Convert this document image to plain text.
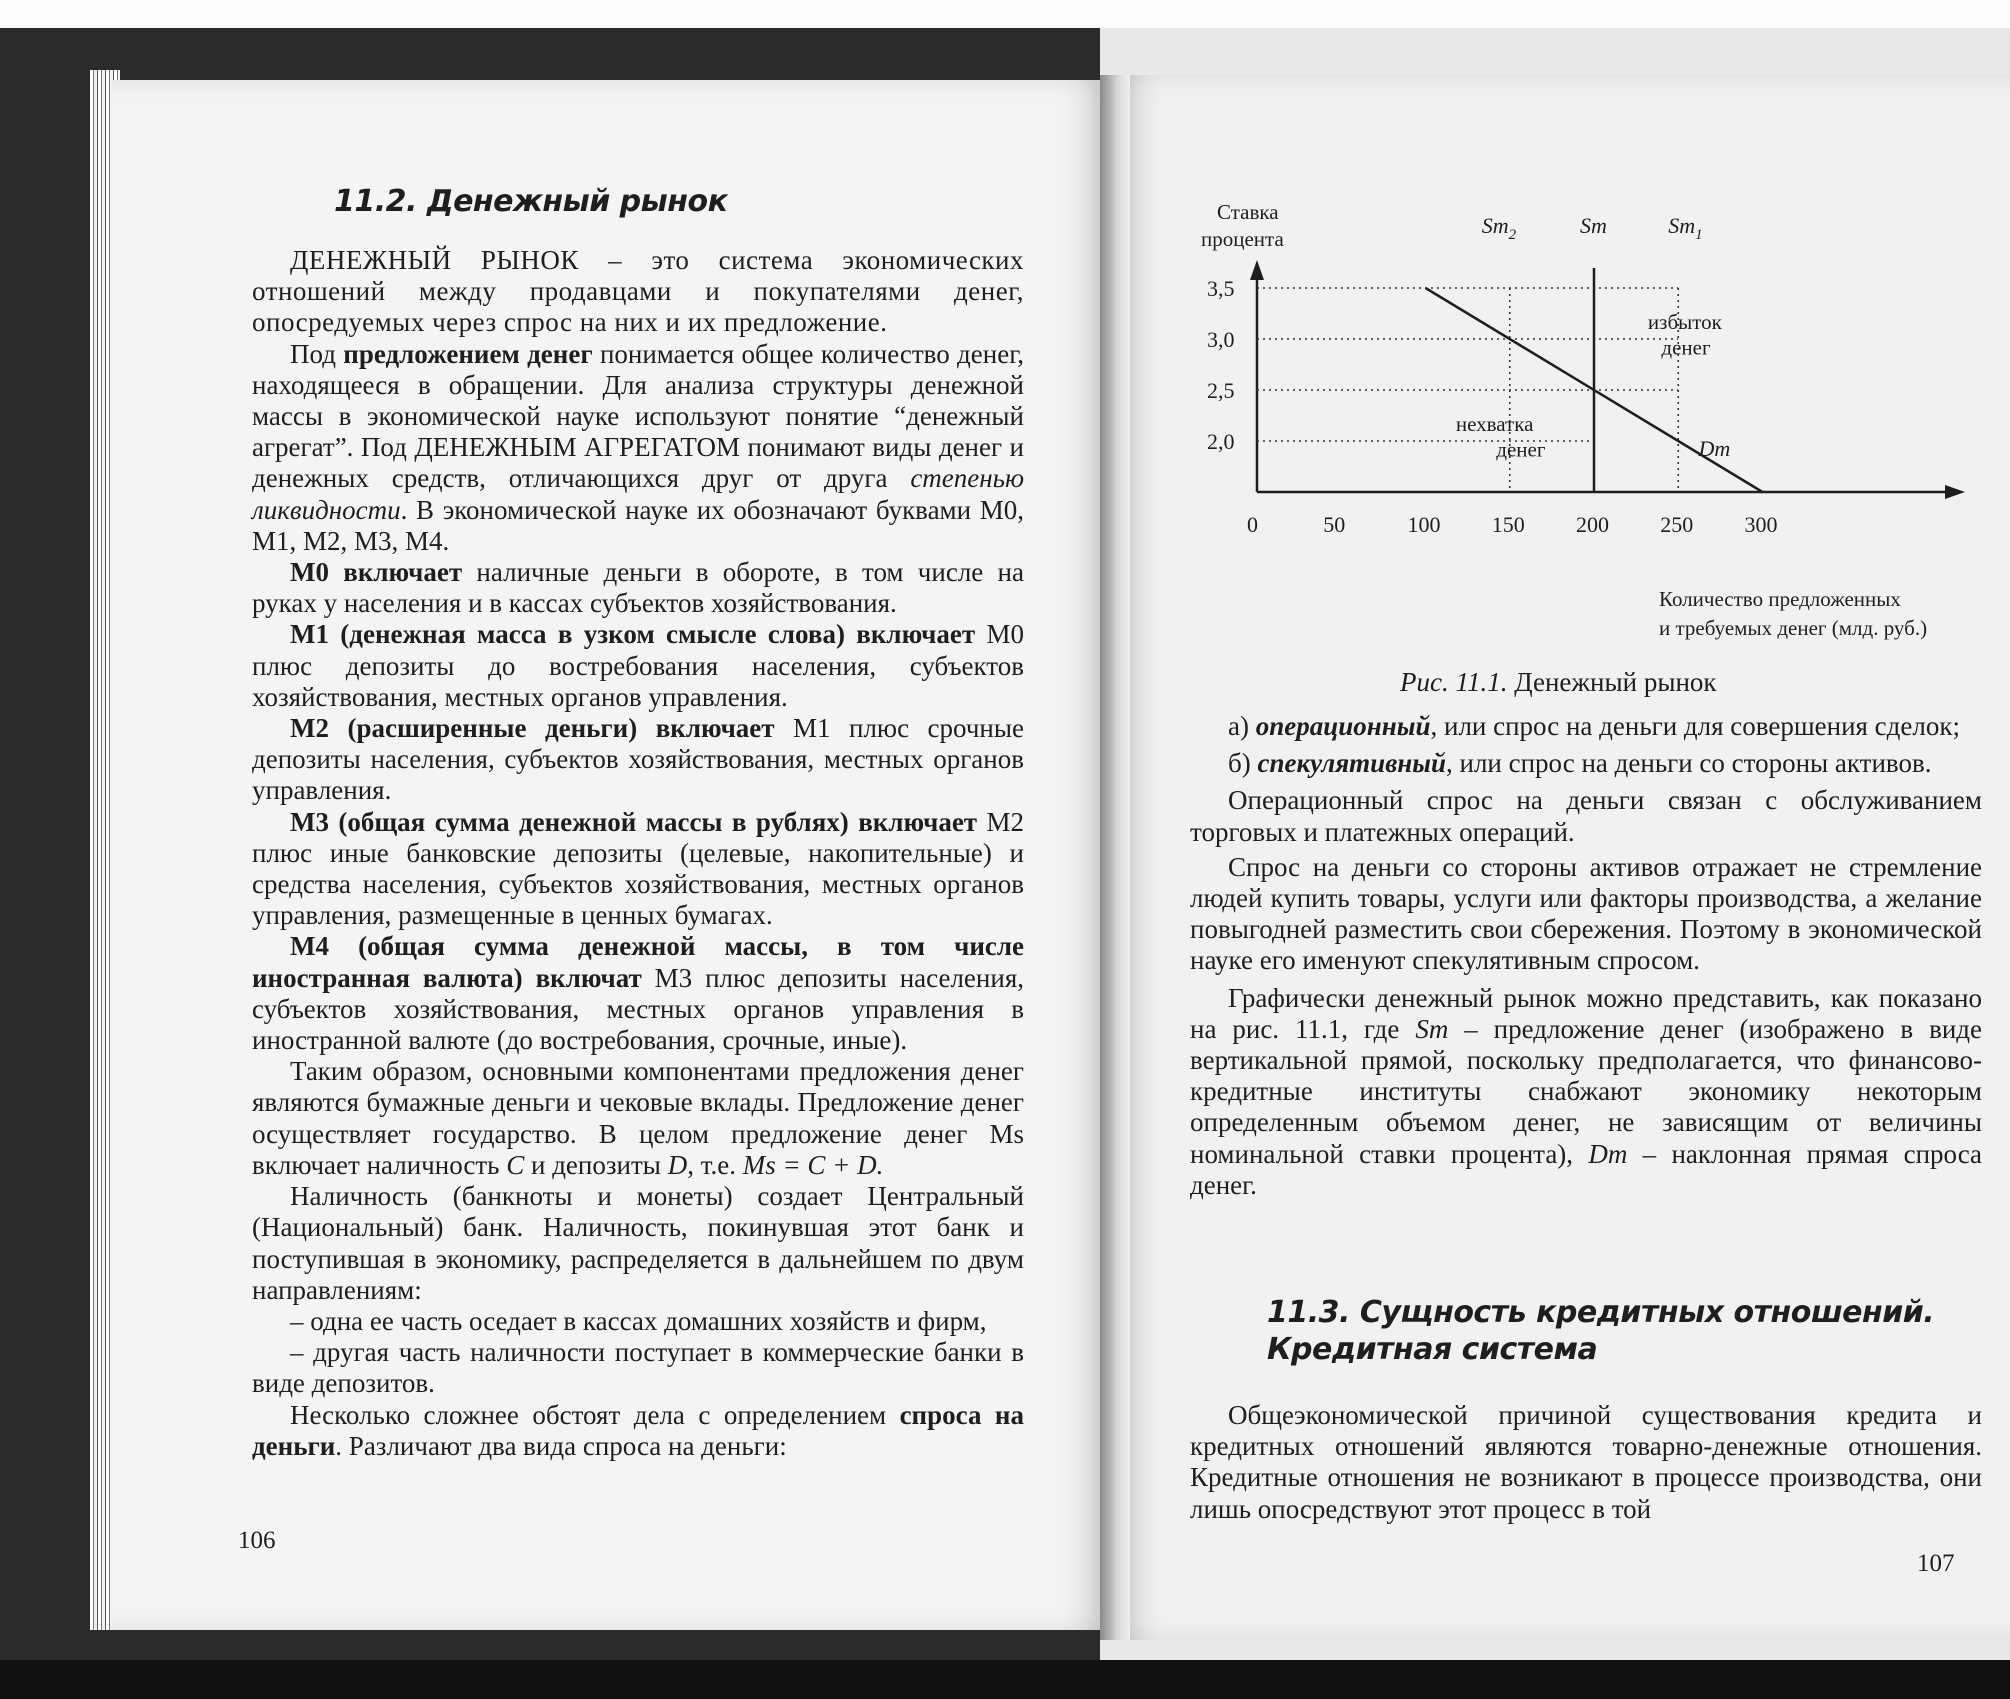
11.2. Денежный рынок

ДЕНЕЖНЫЙ РЫНОК – это система экономических отношений между продавцами и покупателями денег, опосредуемых через спрос на них и их предложение.

Под предложением денег понимается общее количество денег, находящееся в обращении. Для анализа структуры денежной массы в экономической науке используют понятие “денежный агрегат”. Под ДЕНЕЖНЫМ АГРЕГАТОМ понимают виды денег и денежных средств, отличающихся друг от друга степенью ликвидности. В экономической науке их обозначают буквами М0, М1, М2, М3, М4.

М0 включает наличные деньги в обороте, в том числе на руках у населения и в кассах субъектов хозяйствования.

М1 (денежная масса в узком смысле слова) включает М0 плюс депозиты до востребования населения, субъектов хозяйствования, местных органов управления.

М2 (расширенные деньги) включает М1 плюс срочные депозиты населения, субъектов хозяйствования, местных органов управления.

М3 (общая сумма денежной массы в рублях) включает М2 плюс иные банковские депозиты (целевые, накопительные) и средства населения, субъектов хозяйствования, местных органов управления, размещенные в ценных бумагах.

М4 (общая сумма денежной массы, в том числе иностранная валюта) включат М3 плюс депозиты населения, субъектов хозяйствования, местных органов управления в иностранной валюте (до востребования, срочные, иные).

Таким образом, основными компонентами предложения денег являются бумажные деньги и чековые вклады. Предложение денег осуществляет государство. В целом предложение денег Ms включает наличность C и депозиты D, т.е. Ms = C + D.

Наличность (банкноты и монеты) создает Центральный (Национальный) банк. Наличность, покинувшая этот банк и поступившая в экономику, распределяется в дальнейшем по двум направлениям:

– одна ее часть оседает в кассах домашних хозяйств и фирм,

– другая часть наличности поступает в коммерческие банки в виде депозитов.

Несколько сложнее обстоят дела с определением спроса на деньги. Различают два вида спроса на деньги:

106

а) операционный, или спрос на деньги для совершения сделок;

б) спекулятивный, или спрос на деньги со стороны активов.

Операционный спрос на деньги связан с обслуживанием торговых и платежных операций.

Спрос на деньги со стороны активов отражает не стремление людей купить товары, услуги или факторы производства, а желание повыгодней разместить свои сбережения. Поэтому в экономической науке его именуют спекулятивным спросом.

Графически денежный рынок можно представить, как показано на рис. 11.1, где Sm – предложение денег (изображено в виде вертикальной прямой, поскольку предполагается, что финансово-кредитные институты снабжают экономику некоторым определенным объемом денег, не зависящим от величины номинальной ставки процента), Dm – наклонная прямая спроса денег.

11.3. Сущность кредитных отношений.
Кредитная система

Общеэкономической причиной существования кредита и кредитных отношений являются товарно-денежные отношения. Кредитные отношения не возникают в процессе производства, они лишь опосредствуют этот процесс в той

107
$Sm_2$	Sm	$Sm_1$
Dm
0	50	100 150 200 250 300
3,5
3,0
2,5
2,0
Ставка процента
Количество предложенных и требуемых денег (млд. руб.)
избыток денег
нехватка денег
Рис. 11.1. Денежный рынок
